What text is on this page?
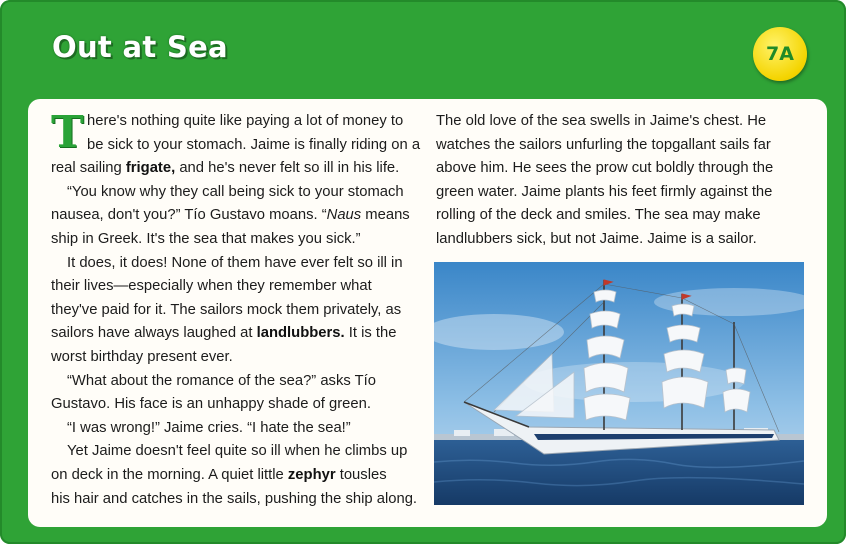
Out at Sea	7A

T here's nothing quite like paying a lot of money to
be sick to your stomach. Jaime is finally riding on a
real sailing frigate, and he's never felt so ill in his life.

“You know why they call being sick to your stomach
nausea, don't you?” Tío Gustavo moans. “Naus means
ship in Greek. It's the sea that makes you sick.”

It does, it does! None of them have ever felt so ill in
their lives—especially when they remember what
they've paid for it. The sailors mock them privately, as
sailors have always laughed at landlubbers. It is the
worst birthday present ever.

“What about the romance of the sea?” asks Tío
Gustavo. His face is an unhappy shade of green.

“I was wrong!” Jaime cries. “I hate the sea!”

Yet Jaime doesn't feel quite so ill when he climbs up
on deck in the morning. A quiet little zephyr tousles
his hair and catches in the sails, pushing the ship along.

The old love of the sea swells in Jaime's chest. He
watches the sailors unfurling the topgallant sails far
above him. He sees the prow cut boldly through the
green water. Jaime plants his feet firmly against the
rolling of the deck and smiles. The sea may make
landlubbers sick, but not Jaime. Jaime is a sailor.
